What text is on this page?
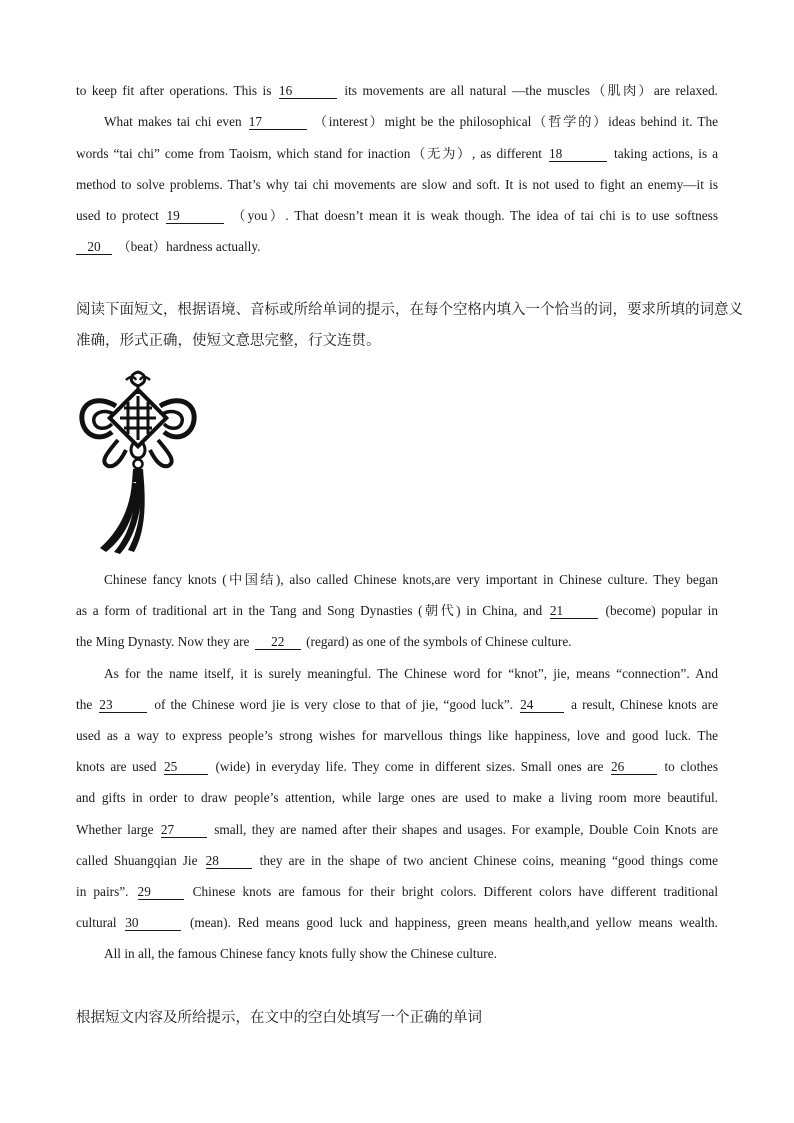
to keep fit after operations. This is 16	its movements are all natural —the muscles（肌肉）are relaxed.
What makes tai chi even 17	（interest）might be the philosophical（哲学的）ideas behind it. The
words “tai chi” come from Taoism, which stand for inaction（无为）, as different 18	taking actions, is a
method to solve problems. That’s why tai chi movements are slow and soft. It is not used to fight an enemy—it is
used to protect 19	（you）. That doesn’t mean it is weak though. The idea of tai chi is to use softness
20 （beat）hardness actually.
阅读下面短文，根据语境、音标或所给单词的提示，在每个空格内填入一个恰当的词，要求所填的词意义
准确，形式正确，使短文意思完整，行文连贯。
Chinese fancy knots (中国结), also called Chinese knots,are very important in Chinese culture. They began
as a form of traditional art in the Tang and Song Dynasties (朝代) in China, and 21	(become) popular in
the Ming Dynasty. Now they are 22 (regard) as one of the symbols of Chinese culture.
As for the name itself, it is surely meaningful. The Chinese word for “knot”, jie, means “connection”. And
the 23	of the Chinese word jie is very close to that of jie, “good luck”. 24	a result, Chinese knots are
used as a way to express people’s strong wishes for marvellous things like happiness, love and good luck. The
knots are used 25	(wide) in everyday life. They come in different sizes. Small ones are 26	to clothes
and gifts in order to draw people’s attention, while large ones are used to make a living room more beautiful.
Whether large 27	small, they are named after their shapes and usages. For example, Double Coin Knots are
called Shuangqian Jie 28	they are in the shape of two ancient Chinese coins, meaning “good things come
in pairs”. 29	Chinese knots are famous for their bright colors. Different colors have different traditional
cultural 30	(mean). Red means good luck and happiness, green means health,and yellow means wealth.
All in all, the famous Chinese fancy knots fully show the Chinese culture.
根据短文内容及所给提示，在文中的空白处填写一个正确的单词
